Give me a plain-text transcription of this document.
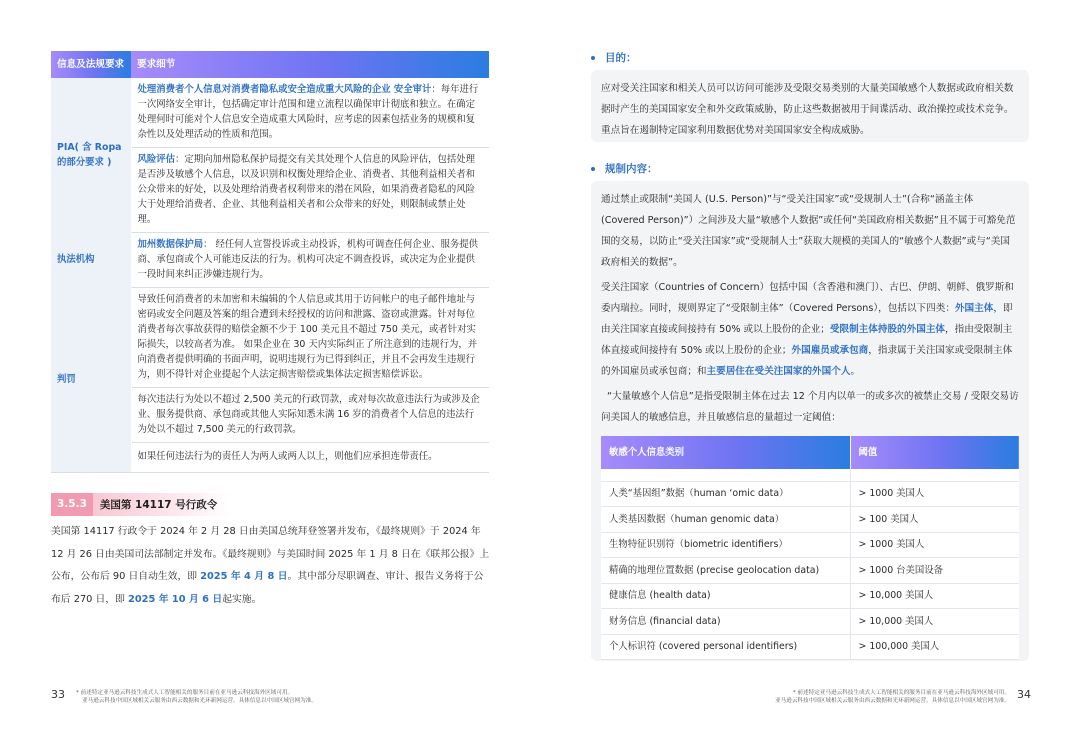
信息及法规要求	要求细节
PIA( 含 Ropa 的部分要求 )	处理消费者个人信息对消费者隐私或安全造成重大风险的企业 安全审计：每年进行一次网络安全审计，包括确定审计范围和建立流程以确保审计彻底和独立。在确定处理何时可能对个人信息安全造成重大风险时，应考虑的因素包括业务的规模和复杂性以及处理活动的性质和范围。
	风险评估：定期向加州隐私保护局提交有关其处理个人信息的风险评估，包括处理是否涉及敏感个人信息，以及识别和权衡处理给企业、消费者、其他利益相关者和公众带来的好处，以及处理给消费者权利带来的潜在风险，如果消费者隐私的风险大于处理给消费者、企业、其他利益相关者和公众带来的好处，则限制或禁止处理。
执法机构	加州数据保护局： 经任何人宣誓投诉或主动投诉，机构可调查任何企业、服务提供商、承包商或个人可能违反法的行为。机构可决定不调查投诉，或决定为企业提供一段时间来纠正涉嫌违规行为。
判罚	导致任何消费者的未加密和未编辑的个人信息或其用于访问帐户的电子邮件地址与密码或安全问题及答案的组合遭到未经授权的访问和泄露、盗窃或泄露。针对每位消费者每次事故获得的赔偿金额不少于 100 美元且不超过 750 美元，或者针对实际损失，以较高者为准。 如果企业在 30 天内实际纠正了所注意到的违规行为，并向消费者提供明确的书面声明，说明违规行为已得到纠正，并且不会再发生违规行为，则不得针对企业提起个人法定损害赔偿或集体法定损害赔偿诉讼。
	每次违法行为处以不超过 2,500 美元的行政罚款，或对每次故意违法行为或涉及企业、服务提供商、承包商或其他人实际知悉未满 16 岁的消费者个人信息的违法行为处以不超过 7,500 美元的行政罚款。
	如果任何违法行为的责任人为两人或两人以上，则他们应承担连带责任。
3.5.3	美国第 14117 号行政令
美国第 14117 行政令于 2024 年 2 月 28 日由美国总统拜登签署并发布，《最终规则》于 2024 年 12 月 26 日由美国司法部制定并发布。《最终规则》与美国时间 2025 年 1 月 8 日在《联邦公报》上公布，公布后 90 日自动生效，即 2025 年 4 月 8 日。其中部分尽职调查、审计、报告义务将于公布后 270 日，即 2025 年 10 月 6 日起实施。
33 * 前述特定亚马逊云科技生成式人工智能相关的服务目前在亚马逊云科技海外区域可用。
亚马逊云科技中国区域相关云服务由西云数据和光环新网运营。具体信息以中国区域官网为准。
目的：

应对受关注国家和相关人员可以访问可能涉及受限交易类别的大量美国敏感个人数据或政府相关数据时产生的美国国家安全和外交政策威胁，防止这些数据被用于间谍活动、政治操控或技术竞争。重点旨在遏制特定国家利用数据优势对美国国家安全构成威胁。

规制内容：

通过禁止或限制“美国人 (U.S. Person)”与“受关注国家”或“受规制人士”(合称“涵盖主体 (Covered Person)”）之间涉及大量“敏感个人数据”或任何“美国政府相关数据”且不属于可豁免范围的交易，以防止“受关注国家”或“受规制人士”获取大规模的美国人的“敏感个人数据”或与“美国政府相关的数据”。

受关注国家（Countries of Concern）包括中国（含香港和澳门）、古巴、伊朗、朝鲜、俄罗斯和委内瑞拉。同时，规则界定了“受限制主体”（Covered Persons），包括以下四类：外国主体，即由关注国家直接或间接持有 50% 或以上股份的企业；受限制主体持股的外国主体，指由受限制主体直接或间接持有 50% 或以上股份的企业；外国雇员或承包商，指隶属于关注国家或受限制主体的外国雇员或承包商；和主要居住在受关注国家的外国个人。

“大量敏感个人信息”是指受限制主体在过去 12 个月内以单一的或多次的被禁止交易 / 受限交易访问美国人的敏感信息，并且敏感信息的量超过一定阈值：

敏感个人信息类别	阈值

人类“基因组”数据（human ‘omic data）	> 1000 美国人
人类基因数据（human genomic data）	> 100 美国人
生物特征识别符（biometric identifiers）	> 1000 美国人
精确的地理位置数据 (precise geolocation data)	> 1000 台美国设备
健康信息 (health data)	> 10,000 美国人
财务信息 (financial data)	> 10,000 美国人
个人标识符 (covered personal identifiers)	> 100,000 美国人
* 前述特定亚马逊云科技生成式人工智能相关的服务目前在亚马逊云科技海外区域可用。
亚马逊云科技中国区域相关云服务由西云数据和光环新网运营。具体信息以中国区域官网为准。 34
